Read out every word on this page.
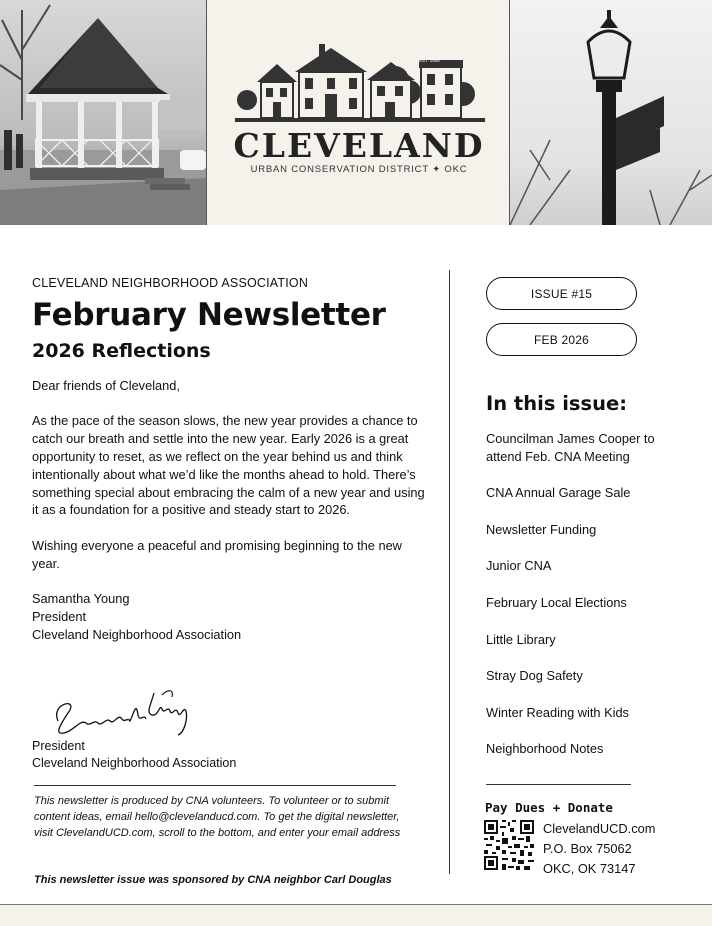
EST. 1935
CLEVELAND
URBAN CONSERVATION DISTRICT ✦ OKC
CLEVELAND NEIGHBORHOOD ASSOCIATION
February Newsletter
2026 Reflections

Dear friends of Cleveland,

As the pace of the season slows, the new year provides a chance to catch our breath and settle into the new year. Early 2026 is a great opportunity to reset, as we reflect on the year behind us and think intentionally about what we’d like the months ahead to hold. There’s something special about embracing the calm of a new year and using it as a foundation for a positive and steady start to 2026.

Wishing everyone a peaceful and promising beginning to the new year.

Samantha Young
President
Cleveland Neighborhood Association
President
Cleveland Neighborhood Association
This newsletter is produced by CNA volunteers. To volunteer or to submit content ideas, email hello@clevelanducd.com. To get the digital newsletter, visit ClevelandUCD.com, scroll to the bottom, and enter your email address
This newsletter issue was sponsored by CNA neighbor Carl Douglas
ISSUE #15
FEB 2026
In this issue:
Councilman James Cooper to attend Feb. CNA Meeting
CNA Annual Garage Sale
Newsletter Funding
Junior CNA
February Local Elections
Little Library
Stray Dog Safety
Winter Reading with Kids
Neighborhood Notes
Pay Dues + Donate
ClevelandUCD.com
P.O. Box 75062
OKC, OK 73147
